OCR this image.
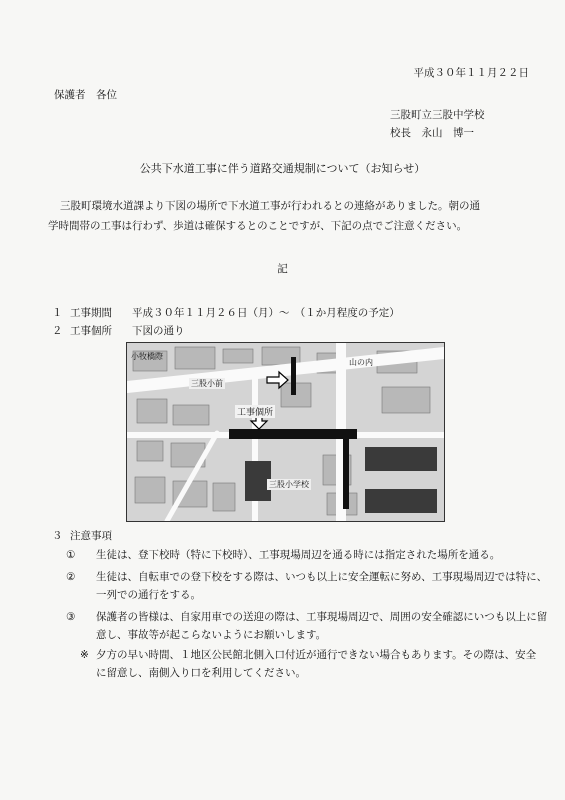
平成３０年１１月２２日
保護者　各位
三股町立三股中学校
校長　永山　博一
公共下水道工事に伴う道路交通規制について（お知らせ）
三股町環境水道課より下図の場所で下水道工事が行われるとの連絡がありました。朝の通
学時間帯の工事は行わず、歩道は確保するとのことですが、下記の点でご注意ください。
記
１ 工事期間 平成３０年１１月２６日（月）～　（１か月程度の予定）
２ 工事個所 下図の通り
三股小前
小牧橋際
工事個所
三股小学校
山の内
３ 注意事項
① 生徒は、登下校時（特に下校時）、工事現場周辺を通る時には指定された場所を通る。
② 生徒は、自転車での登下校をする際は、いつも以上に安全運転に努め、工事現場周辺では特に、
一列での通行をする。
③ 保護者の皆様は、自家用車での送迎の際は、工事現場周辺で、周囲の安全確認にいつも以上に留
意し、事故等が起こらないようにお願いします。
※ 夕方の早い時間、１地区公民館北側入口付近が通行できない場合もあります。その際は、安全
に留意し、南側入り口を利用してください。
